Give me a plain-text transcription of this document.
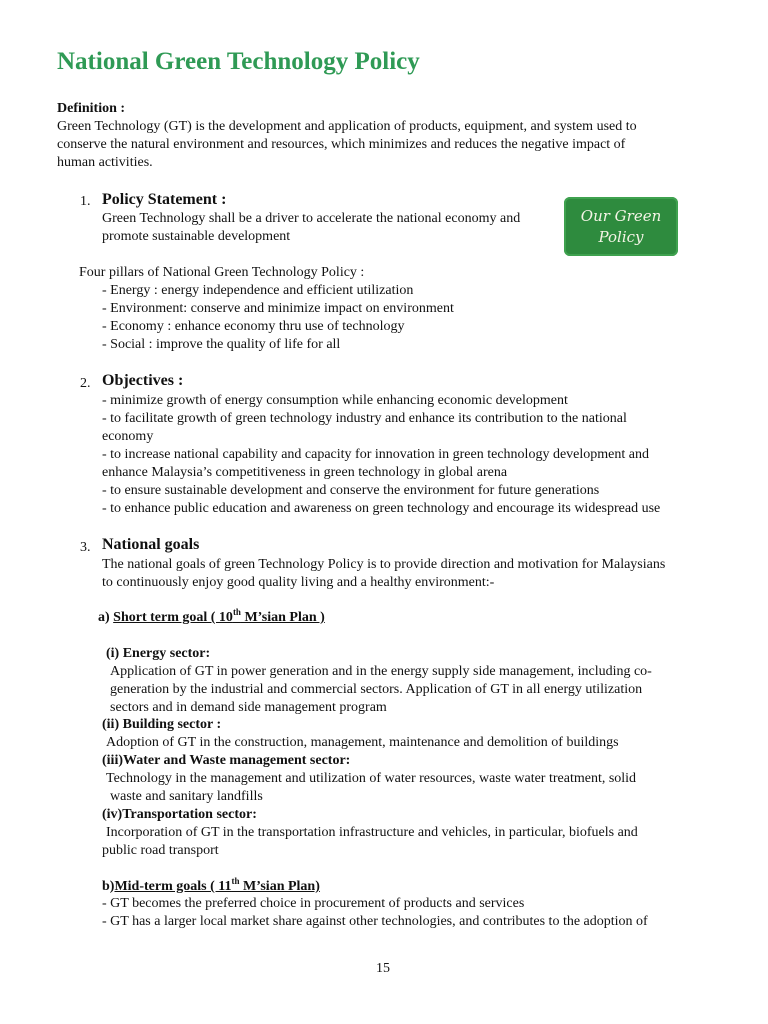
National Green Technology Policy
Definition :
Green Technology (GT) is the development and application of products, equipment, and system used to
conserve the natural environment and resources, which minimizes and reduces the negative impact of
human activities.
1. Policy Statement :
Green Technology shall be a driver to accelerate the national economy and
promote sustainable development
Our Green
Policy
Four pillars of National Green Technology Policy :
- Energy : energy independence and efficient utilization
- Environment: conserve and minimize impact on environment
- Economy : enhance economy thru use of technology
- Social : improve the quality of life for all
2. Objectives :
- minimize growth of energy consumption while enhancing economic development
- to facilitate growth of green technology industry and enhance its contribution to the national
economy
- to increase national capability and capacity for innovation in green technology development and
enhance Malaysia’s competitiveness in green technology in global arena
- to ensure sustainable development and conserve the environment for future generations
- to enhance public education and awareness on green technology and encourage its widespread use
3. National goals
The national goals of green Technology Policy is to provide direction and motivation for Malaysians
to continuously enjoy good quality living and a healthy environment:-
a) Short term goal ( 10th M’sian Plan )
(i) Energy sector:
Application of GT in power generation and in the energy supply side management, including co-
generation by the industrial and commercial sectors. Application of GT in all energy utilization
sectors and in demand side management program
(ii) Building sector :
Adoption of GT in the construction, management, maintenance and demolition of buildings
(iii)Water and Waste management sector:
Technology in the management and utilization of water resources, waste water treatment, solid
waste and sanitary landfills
(iv)Transportation sector:
Incorporation of GT in the transportation infrastructure and vehicles, in particular, biofuels and
public road transport
b)Mid-term goals ( 11th M’sian Plan)
- GT becomes the preferred choice in procurement of products and services
- GT has a larger local market share against other technologies, and contributes to the adoption of
15
